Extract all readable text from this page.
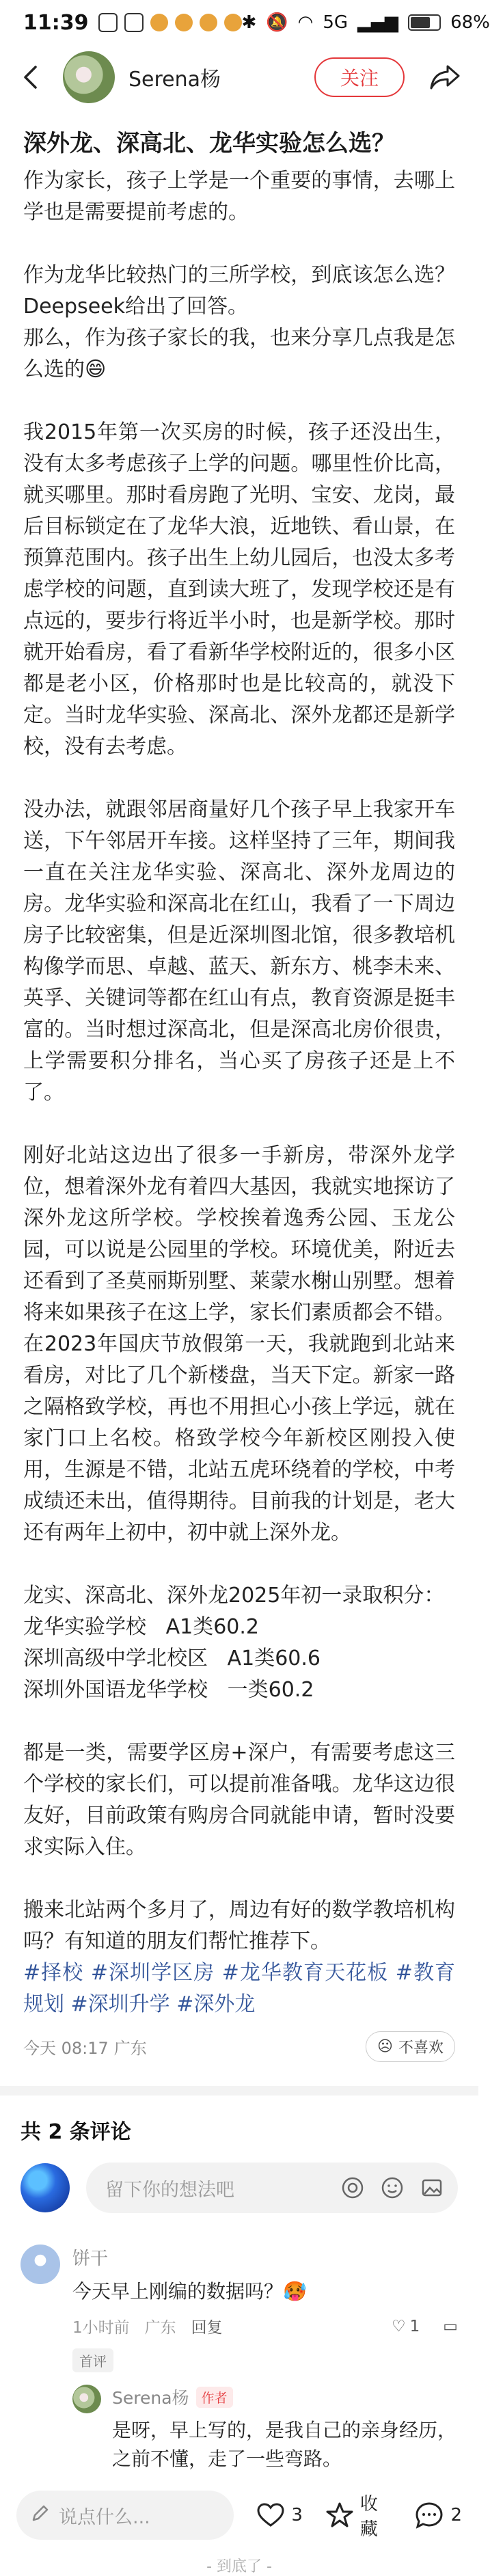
11:39	✱ 🔕 ◠ 5G ▂▄▆	68%
Serena杨	关注
深外龙、深高北、龙华实验怎么选？
作为家长，孩子上学是一个重要的事情，去哪上学也是需要提前考虑的。
作为龙华比较热门的三所学校，到底该怎么选？Deepseek给出了回答。
那么，作为孩子家长的我，也来分享几点我是怎么选的😄
我2015年第一次买房的时候，孩子还没出生，没有太多考虑孩子上学的问题。哪里性价比高，就买哪里。那时看房跑了光明、宝安、龙岗，最后目标锁定在了龙华大浪，近地铁、看山景，在预算范围内。孩子出生上幼儿园后，也没太多考虑学校的问题，直到读大班了，发现学校还是有点远的，要步行将近半小时，也是新学校。那时就开始看房，看了看新华学校附近的，很多小区都是老小区，价格那时也是比较高的，就没下定。当时龙华实验、深高北、深外龙都还是新学校，没有去考虑。
没办法，就跟邻居商量好几个孩子早上我家开车送，下午邻居开车接。这样坚持了三年，期间我一直在关注龙华实验、深高北、深外龙周边的房。龙华实验和深高北在红山，我看了一下周边房子比较密集，但是近深圳图北馆，很多教培机构像学而思、卓越、蓝天、新东方、桃李未来、英孚、关键词等都在红山有点，教育资源是挺丰富的。当时想过深高北，但是深高北房价很贵，上学需要积分排名，当心买了房孩子还是上不了。
刚好北站这边出了很多一手新房，带深外龙学位，想着深外龙有着四大基因，我就实地探访了深外龙这所学校。学校挨着逸秀公园、玉龙公园，可以说是公园里的学校。环境优美，附近去还看到了圣莫丽斯别墅、莱蒙水榭山别墅。想着将来如果孩子在这上学，家长们素质都会不错。在2023年国庆节放假第一天，我就跑到北站来看房，对比了几个新楼盘，当天下定。新家一路之隔格致学校，再也不用担心小孩上学远，就在家门口上名校。格致学校今年新校区刚投入使用，生源是不错，北站五虎环绕着的学校，中考成绩还未出，值得期待。目前我的计划是，老大还有两年上初中，初中就上深外龙。
龙实、深高北、深外龙2025年初一录取积分：
龙华实验学校   A1类60.2
深圳高级中学北校区   A1类60.6
深圳外国语龙华学校   一类60.2
都是一类，需要学区房+深户，有需要考虑这三个学校的家长们，可以提前准备哦。龙华这边很友好，目前政策有购房合同就能申请，暂时没要求实际入住。
搬来北站两个多月了，周边有好的数学教培机构吗？有知道的朋友们帮忙推荐下。
#择校 #深圳学区房 #龙华教育天花板 #教育规划 #深圳升学 #深外龙
今天 08:17 广东	☹ 不喜欢
共 2 条评论
留下你的想法吧
饼干
今天早上刚编的数据吗？🥵
1小时前 广东 回复	♡ 1 ▭
首评
Serena杨 作者
是呀，早上写的，是我自己的亲身经历，之前不懂，走了一些弯路。
- 到底了 -
说点什么...	3
收藏
2
